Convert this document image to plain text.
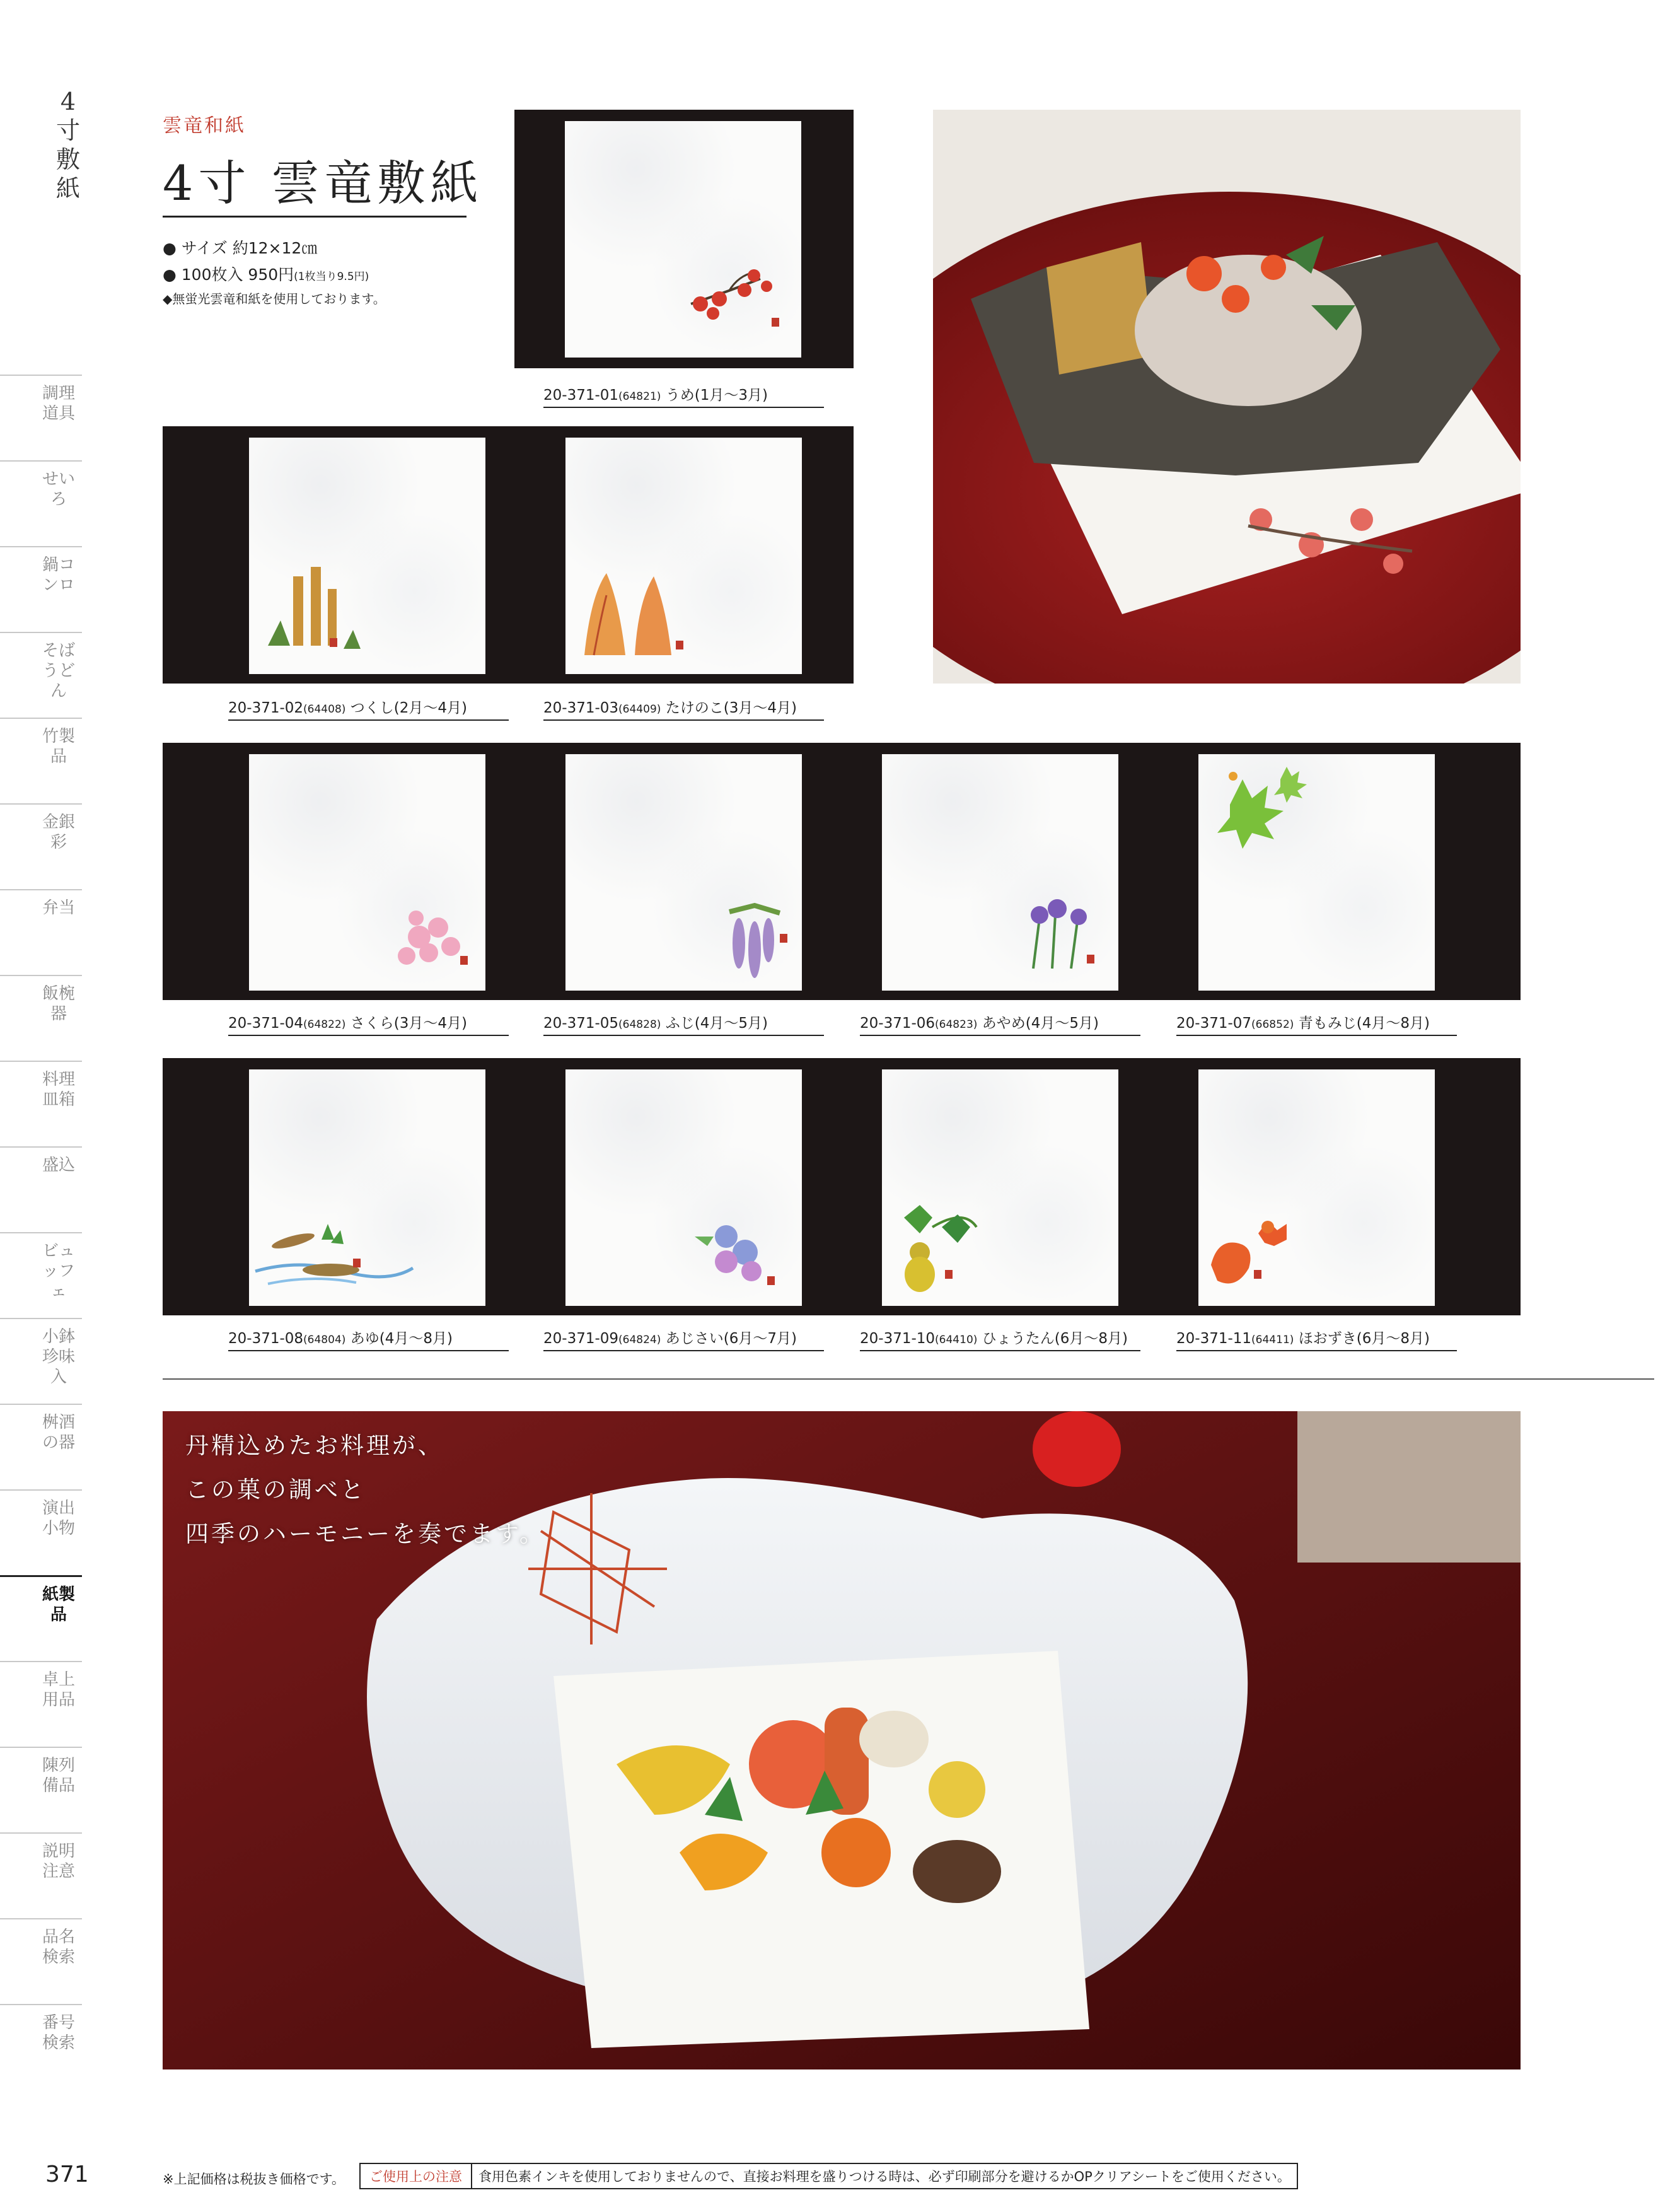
4
寸
敷
紙
調理道具
せいろ
鍋コンロ
そばうどん
竹製品
金銀彩
弁当
飯椀器
料理皿箱
盛込
ビュッフェ
小鉢珍味入
桝酒の器
演出小物
紙製品
卓上用品
陳列備品
説明注意
品名検索
番号検索
雲竜和紙
4寸 雲竜敷紙
● サイズ 約12×12㎝
● 100枚入 950円(1枚当り9.5円)
◆無蛍光雲竜和紙を使用しております。
20-371-01(64821) うめ(1月～3月)
20-371-02(64408) つくし(2月～4月)	20-371-03(64409) たけのこ(3月～4月)
20-371-04(64822) さくら(3月～4月)	20-371-05(64828) ふじ(4月～5月)	20-371-06(64823) あやめ(4月～5月)	20-371-07(66852) 青もみじ(4月～8月)
20-371-08(64804) あゆ(4月～8月)	20-371-09(64824) あじさい(6月～7月)	20-371-10(64410) ひょうたん(6月～8月)	20-371-11(64411) ほおずき(6月～8月)
丹精込めたお料理が、
この菓の調べと
四季のハーモニーを奏でます。
371	※上記価格は税抜き価格です。	ご使用上の注意	食用色素インキを使用しておりませんので、直接お料理を盛りつける時は、必ず印刷部分を避けるかOPクリアシートをご使用ください。
